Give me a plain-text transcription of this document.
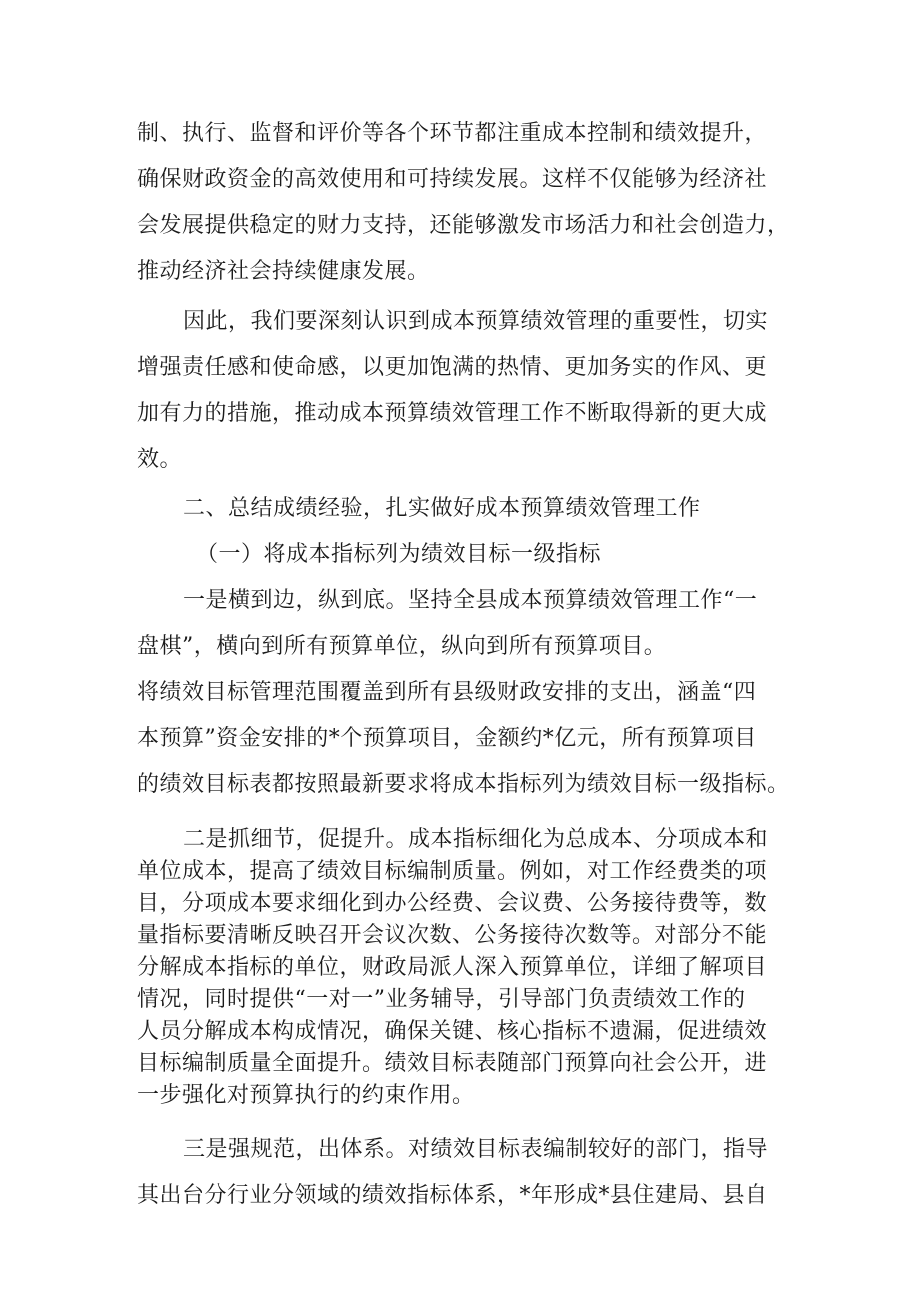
制、执行、监督和评价等各个环节都注重成本控制和绩效提升，
确保财政资金的高效使用和可持续发展。这样不仅能够为经济社
会发展提供稳定的财力支持，还能够激发市场活力和社会创造力，
推动经济社会持续健康发展。
因此，我们要深刻认识到成本预算绩效管理的重要性，切实
增强责任感和使命感，以更加饱满的热情、更加务实的作风、更
加有力的措施，推动成本预算绩效管理工作不断取得新的更大成
效。
二、总结成绩经验，扎实做好成本预算绩效管理工作
（一）将成本指标列为绩效目标一级指标
一是横到边，纵到底。坚持全县成本预算绩效管理工作“一
盘棋”，横向到所有预算单位，纵向到所有预算项目。
将绩效目标管理范围覆盖到所有县级财政安排的支出，涵盖“四
本预算”资金安排的*个预算项目，金额约*亿元，所有预算项目
的绩效目标表都按照最新要求将成本指标列为绩效目标一级指标。
二是抓细节，促提升。成本指标细化为总成本、分项成本和
单位成本，提高了绩效目标编制质量。例如，对工作经费类的项
目，分项成本要求细化到办公经费、会议费、公务接待费等，数
量指标要清晰反映召开会议次数、公务接待次数等。对部分不能
分解成本指标的单位，财政局派人深入预算单位，详细了解项目
情况，同时提供“一对一”业务辅导，引导部门负责绩效工作的
人员分解成本构成情况，确保关键、核心指标不遗漏，促进绩效
目标编制质量全面提升。绩效目标表随部门预算向社会公开，进
一步强化对预算执行的约束作用。
三是强规范，出体系。对绩效目标表编制较好的部门，指导
其出台分行业分领域的绩效指标体系，*年形成*县住建局、县自
